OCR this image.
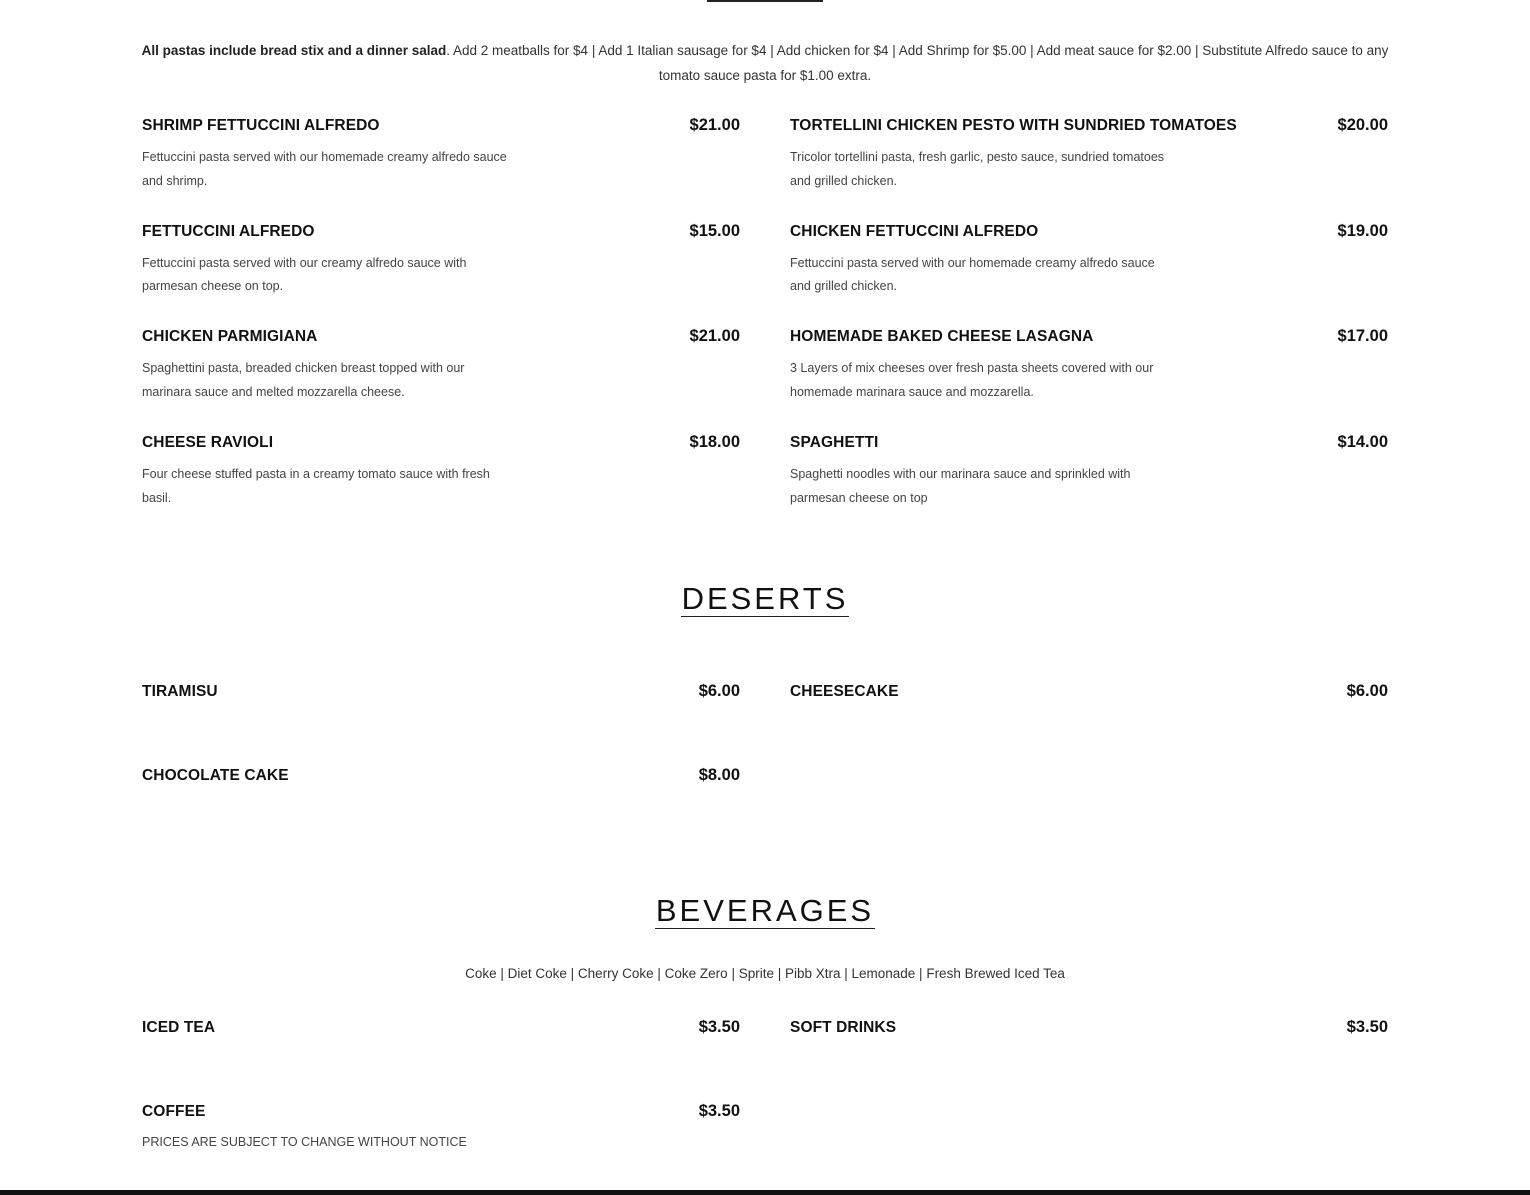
All pastas include bread stix and a dinner salad. Add 2 meatballs for $4 | Add 1 Italian sausage for $4 | Add chicken for $4 | Add Shrimp for $5.00 | Add meat sauce for $2.00 | Substitute Alfredo sauce to any tomato sauce pasta for $1.00 extra.

SHRIMP FETTUCCINI ALFREDO	$21.00
Fettuccini pasta served with our homemade creamy alfredo sauce and shrimp.
TORTELLINI CHICKEN PESTO WITH SUNDRIED TOMATOES	$20.00
Tricolor tortellini pasta, fresh garlic, pesto sauce, sundried tomatoes and grilled chicken.
FETTUCCINI ALFREDO	$15.00
Fettuccini pasta served with our creamy alfredo sauce with parmesan cheese on top.
CHICKEN FETTUCCINI ALFREDO	$19.00
Fettuccini pasta served with our homemade creamy alfredo sauce and grilled chicken.
CHICKEN PARMIGIANA	$21.00
Spaghettini pasta, breaded chicken breast topped with our marinara sauce and melted mozzarella cheese.
HOMEMADE BAKED CHEESE LASAGNA	$17.00
3 Layers of mix cheeses over fresh pasta sheets covered with our homemade marinara sauce and mozzarella.
CHEESE RAVIOLI	$18.00
Four cheese stuffed pasta in a creamy tomato sauce with fresh basil.
SPAGHETTI	$14.00
Spaghetti noodles with our marinara sauce and sprinkled with parmesan cheese on top
DESERTS
TIRAMISU	$6.00	CHEESECAKE	$6.00
CHOCOLATE CAKE	$8.00
BEVERAGES
Coke | Diet Coke | Cherry Coke | Coke Zero | Sprite | Pibb Xtra | Lemonade | Fresh Brewed Iced Tea
ICED TEA	$3.50	SOFT DRINKS	$3.50
COFFEE	$3.50
PRICES ARE SUBJECT TO CHANGE WITHOUT NOTICE
